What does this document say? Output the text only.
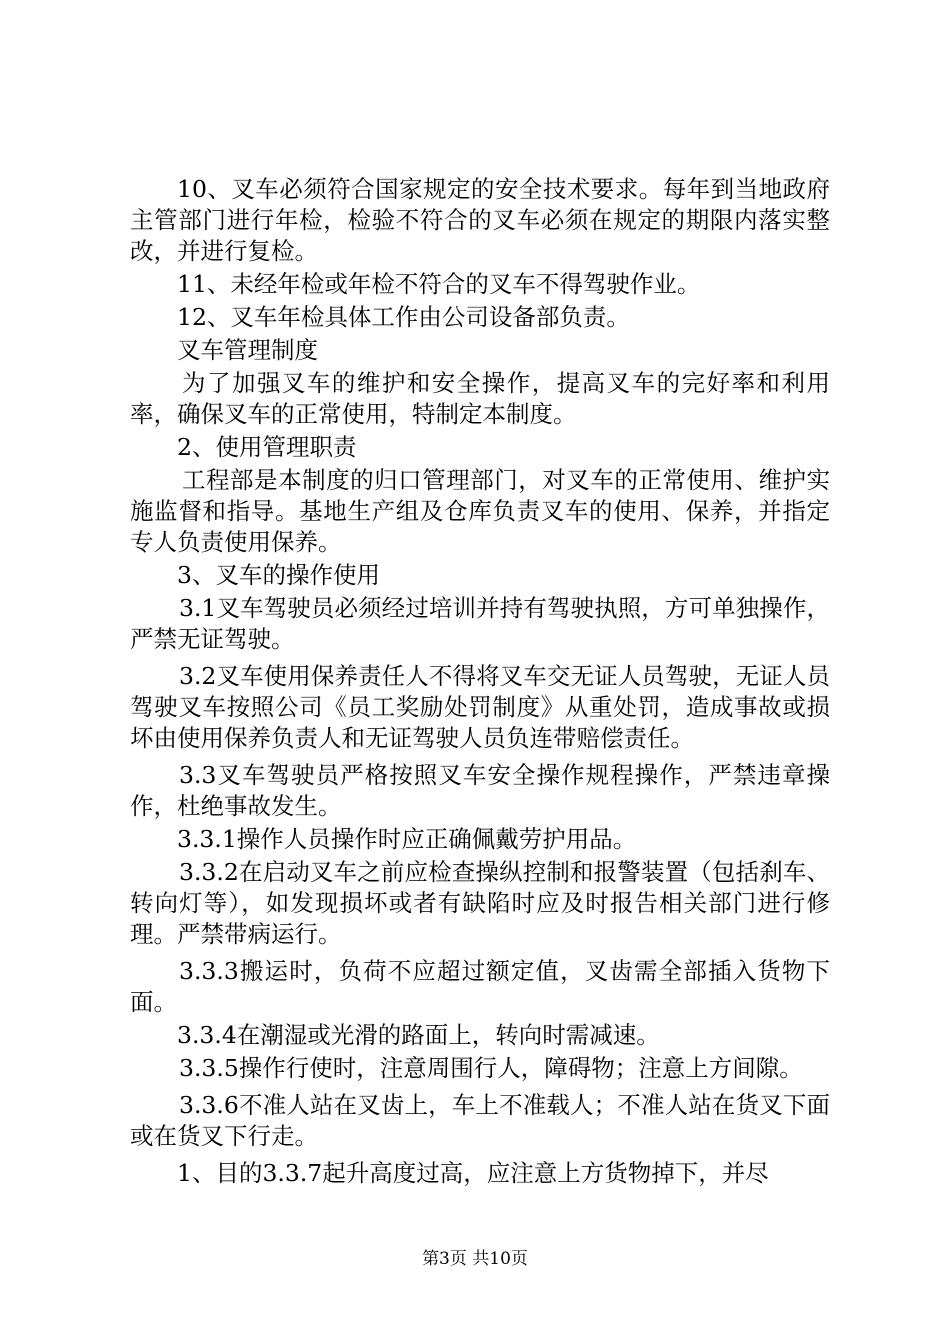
10、叉车必须符合国家规定的安全技术要求。每年到当地政府主管部门进行年检，检验不符合的叉车必须在规定的期限内落实整改，并进行复检。

11、未经年检或年检不符合的叉车不得驾驶作业。

12、叉车年检具体工作由公司设备部负责。

叉车管理制度

为了加强叉车的维护和安全操作，提高叉车的完好率和利用率，确保叉车的正常使用，特制定本制度。

2、使用管理职责

工程部是本制度的归口管理部门，对叉车的正常使用、维护实施监督和指导。基地生产组及仓库负责叉车的使用、保养，并指定专人负责使用保养。

3、叉车的操作使用

3.1叉车驾驶员必须经过培训并持有驾驶执照，方可单独操作，严禁无证驾驶。

3.2叉车使用保养责任人不得将叉车交无证人员驾驶，无证人员驾驶叉车按照公司《员工奖励处罚制度》从重处罚，造成事故或损坏由使用保养负责人和无证驾驶人员负连带赔偿责任。

3.3叉车驾驶员严格按照叉车安全操作规程操作，严禁违章操作，杜绝事故发生。

3.3.1操作人员操作时应正确佩戴劳护用品。

3.3.2在启动叉车之前应检查操纵控制和报警装置（包括刹车、转向灯等），如发现损坏或者有缺陷时应及时报告相关部门进行修理。严禁带病运行。

3.3.3搬运时，负荷不应超过额定值，叉齿需全部插入货物下面。

3.3.4在潮湿或光滑的路面上，转向时需减速。

3.3.5操作行使时，注意周围行人，障碍物；注意上方间隙。

3.3.6不准人站在叉齿上，车上不准载人；不准人站在货叉下面或在货叉下行走。

1、目的3.3.7起升高度过高，应注意上方货物掉下，并尽

第3页 共10页
